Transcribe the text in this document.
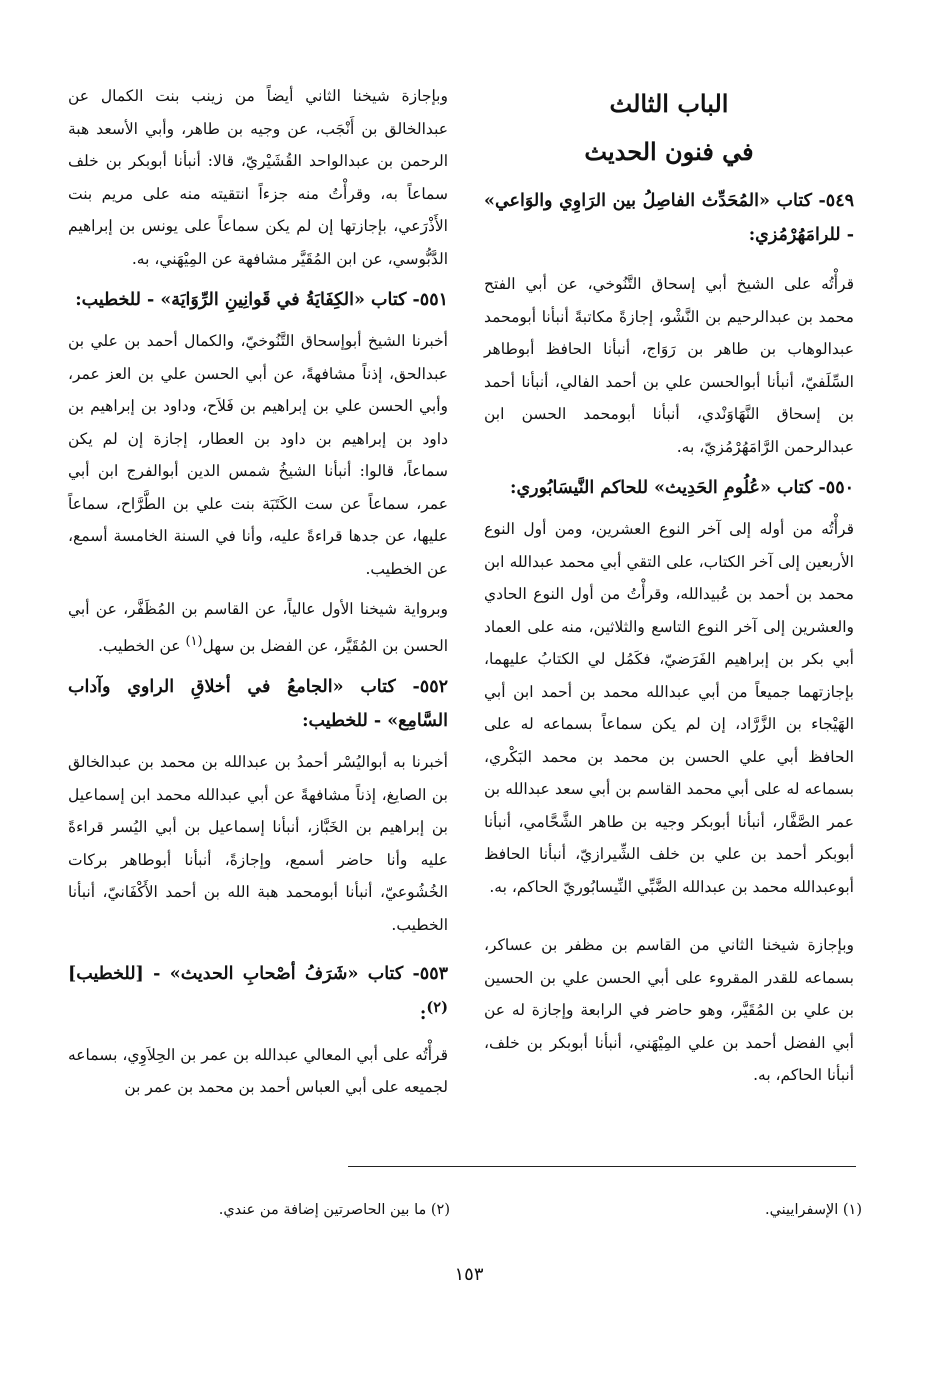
الباب الثالث
في فنون الحديث

٥٤٩- كتاب «المُحَدِّث الفاصِلُ بين الرَاوِي والوَاعي» - للرامَهُرْمُزي:

قرأْتُه على الشيخ أبي إسحاق التَّنُوخي، عن أبي الفتح محمد بن عبدالرحيم بن النَّشْو، إجازةً مكاتبةً أنبأنا أبومحمد عبدالوهاب بن طاهر بن رَوَاج، أنبأنا الحافظ أبوطاهر السِّلَفيّ، أنبأنا أبوالحسن علي بن أحمد الفالي، أنبأنا أحمد بن إسحاق النَّهَاوَنْدي، أنبأنا أبومحمد الحسن ابن عبدالرحمن الرَّامَهُرْمُزيّ، به.

٥٥٠- كتاب «عُلُومِ الحَدِيث» للحاكم النَّيسَابُوري:

قرأْتُه من أوله إلى آخر النوع العشرين، ومن أول النوع الأربعين إلى آخر الكتاب، على التقي أبي محمد عبدالله ابن محمد بن أحمد بن عُبيدالله، وقرأْتُ من أول النوع الحادي والعشرين إلى آخر النوع التاسع والثلاثين، منه على العماد أبي بكر بن إبراهيم الفَرَضيّ، فكَمُل لي الكتابُ عليهما، بإجازتهما جميعاً من أبي عبدالله محمد بن أحمد ابن أبي الهَيْجاء بن الزَّرَّاد، إن لم يكن سماعاً بسماعه له على الحافظ أبي علي الحسن بن محمد بن محمد البَكْري، بسماعه له على أبي محمد القاسم بن أبي سعد عبدالله بن عمر الصَّفَّار، أنبأنا أبوبكر وجيه بن طاهر الشَّحَّامي، أنبأنا أبوبكر أحمد بن علي بن خلف الشِّيرازيّ، أنبأنا الحافظ أبوعبدالله محمد بن عبدالله الضَّبِّي النِّيسابُوريّ الحاكم، به.

وبإجازة شيخنا الثاني من القاسم بن مظفر بن عساكر، بسماعه للقدر المقروء على أبي الحسن علي بن الحسين بن علي بن المُقَيَّر، وهو حاضر في الرابعة وإجازة له عن أبي الفضل أحمد بن علي المِيْهَني، أنبأنا أبوبكر بن خلف، أنبأنا الحاكم، به.

وبإجازة شيخنا الثاني أيضاً من زينب بنت الكمال عن عبدالخالق بن أَنْجَب، عن وجيه بن طاهر، وأبي الأسعد هبة الرحمن بن عبدالواحد القُشَيْريّ، قالا: أنبأنا أبوبكر بن خلف سماعاً به، وقرأْتُ منه جزءاً انتقيته منه على مريم بنت الأَذْرَعي، بإجازتها إن لم يكن سماعاً على يونس بن إبراهيم الدَّبُّوسي، عن ابن المُقَيَّر مشافهة عن المِيْهَني، به.

٥٥١- كتاب «الكِفَايَةُ في قَوانِينِ الرِّوَايَة» - للخطيب:

أخبرنا الشيخ أبوإسحاق التَّنُوخيّ، والكمال أحمد بن علي بن عبدالحق، إذناً مشافهةً، عن أبي الحسن علي بن العز عمر، وأبي الحسن علي بن إبراهيم بن فَلاَح، وداود بن إبراهيم بن داود بن إبراهيم بن داود بن العطار، إجازة إن لم يكن سماعاً، قالوا: أنبأنا الشيخُ شمس الدين أبوالفرج ابن أبي عمر، سماعاً عن ست الكَتَبَة بنت علي بن الطَّرَّاح، سماعاً عليها، عن جدها قراءةً عليه، وأنا في السنة الخامسة أسمع، عن الخطيب.

وبرواية شيخنا الأول عالياً، عن القاسم بن المُظَفَّر، عن أبي الحسن بن المُقَيَّر، عن الفضل بن سهل$^{(١)}$ عن الخطيب.

٥٥٢- كتاب «الجامعُ في أخلاقِ الراوي وآداب السَّامِع» - للخطيب:

أخبرنا به أبواليُسْر أحمدُ بن عبدالله بن محمد بن عبدالخالق بن الصايغ، إذناً مشافهةً عن أبي عبدالله محمد ابن إسماعيل بن إبراهيم بن الخَبَّاز، أنبأنا إسماعيل بن أبي اليُسر قراءةً عليه وأنا حاضر أسمع، وإجازةً، أنبأنا أبوطاهر بركات الخُشُوعيّ، أنبأنا أبومحمد هبة الله بن أحمد الأَكْفَانيّ، أنبأنا الخطيب.

٥٥٣- كتاب «شَرَفُ أصْحابِ الحديث» - [للخطيب]$^{(٢)}$:

قرأْتُه على أبي المعالي عبدالله بن عمر بن الحِلاَوِي، بسماعه لجميعه على أبي العباس أحمد بن محمد بن عمر بن

(١) الإسفراييني.
(٢) ما بين الحاصرتين إضافة من عندي.
١٥٣
